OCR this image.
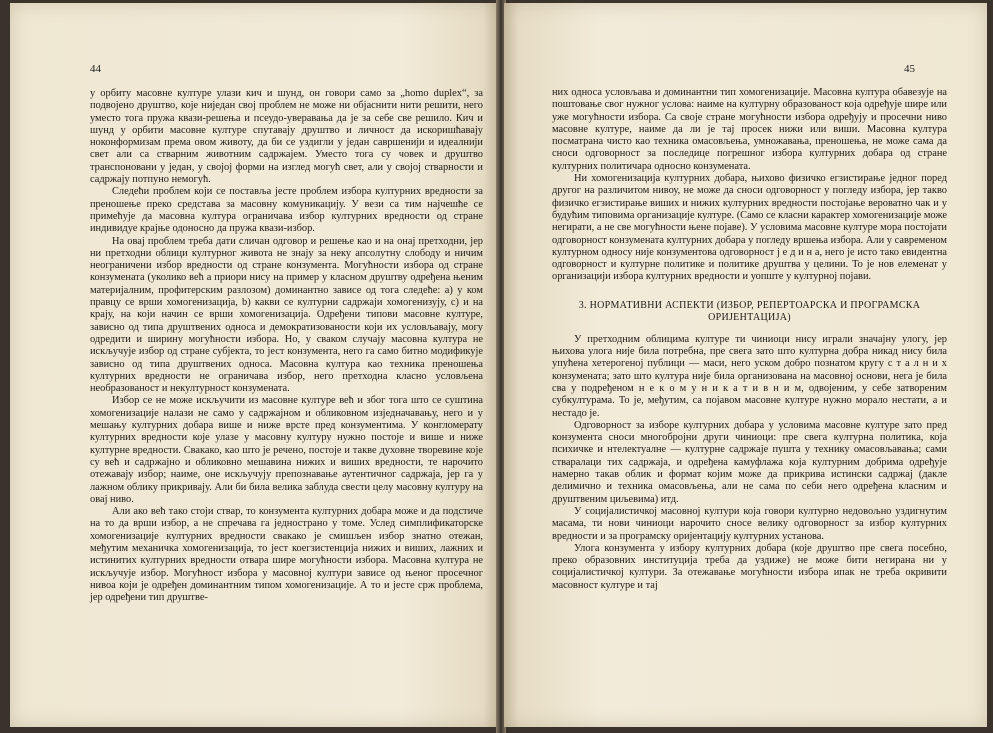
44

у орбиту масовне културе улази кич и шунд, он говори само за „homo duplex“, за подвојено друштво, које ниједан свој проблем не може ни објаснити нити решити, него уместо тога пружа квази-решења и псеудо-уверавања да је за себе све решило. Кич и шунд у орбити масовне културе спутавају друштво и личност да искоришћавају ноконформизам према овом животу, да би се уздигли у један савршенији и идеалнији свет али са стварним животним садржајем. Уместо тога су човек и друштво транспоновани у један, у својој форми на изглед могућ свет, али у својој стварности и садржају потпуно немогућ.

Следећи проблем који се поставља јесте проблем избора културних вредности за преношење преко средстава за масовну комуникацију. У вези са тим најчешће се примећује да масовна култура ограничава избор културних вредности од стране индивидуе крајње одоносно да пружа квази-избор.

На овај проблем треба дати сличан одговор и решење као и на онај претходни, јер ни претходни облици културног живота не знају за неку апсолутну слободу и ничим неограничени избор вредности од стране конзумента. Могућности избора од стране конзумената (уколико већ а приори нису на пример у класном друштву одређена њеним материјалним, профитерским разлозом) доминантно зависе од тога следеће: а) у ком правцу се врши хомогенизација, b) какви се културни садржаји хомогенизују, c) и на крају, на који начин се врши хомогенизација. Одређени типови масовне културе, зависно од типа друштвених односа и демократизованости који их условљавају, могу одредити и ширину могућности избора. Но, у сваком случају масовна култура не искључује избор од стране субјекта, то јест конзумента, него га само битно модификује зависно од типа друштвених односа. Масовна култура као техника преношења културних вредности не ограничава избор, него претходна класно условљена необразованост и некултурност конзумената.

Избор се не може искључити из масовне културе већ и због тога што се суштина хомогенизације налази не само у садржајном и обликовном изједначавању, него и у мешању културних добара више и ниже врсте пред конзументима. У конгломерату културних вредности које улазе у масовну културу нужно постоје и више и ниже културне вредности. Свакако, као што је речено, постоје и такве духовне творевине које су већ и садржајно и обликовно мешавина нижих и виших вредности, те нарочито отежавају избор; наиме, оне искључују препознавање аутентичног садржаја, јер га у лажном облику прикривају. Али би била велика заблуда свести целу масовну културу на овај ниво.

Али ако већ тако стоји ствар, то конзумента културних добара може и да подстиче на то да врши избор, а не спречава га једнострано у томе. Услед симплификаторске хомогенизације културних вредности свакако је смишљен избор знатно отежан, међутим механичка хомогенизација, то јест коегзистенција нижих и виших, лажних и истинитих културних вредности отвара шире могућности избора. Масовна култура не искључује избор. Могућност избора у масовној култури зависе од њеног просечног нивоа који је одређен доминантним типом хомогенизације. А то и јесте срж проблема, јер одређени тип друштве-

45

них односа условљава и доминантни тип хомогенизације. Масовна култура обавезује на поштовање свог нужног услова: наиме на културну образованост која одређује шире или уже могућности избора. Са своје стране могућности избора одређују и просечни ниво масовне културе, наиме да ли је тај просек нижи или виши. Масовна култура посматрана чисто као техника омасовљења, умножавања, преношења, не може сама да сноси одговорност за последице погрешног избора културних добара од стране културних политичара односно конзумената.

Ни хомогенизација културних добара, њихово физичко егзистирање једног поред другог на различитом нивоу, не може да сноси одговорност у погледу избора, јер такво физичко егзистирање виших и нижих културних вредности постојање вероватно чак и у будућим типовима организације културе. (Само се класни карактер хомогенизације може негирати, а не све могућности њене појаве). У условима масовне културе мора постојати одговорност конзумената културних добара у погледу вршења избора. Али у савременом културном односу није конзументова одговорност ј е д и н а, него је исто тако евидентна одговорност и културне политике и политике друштва у целини. То је нов елеменат у организацији избора културних вредности и уопште у културној појави.

3. НОРМАТИВНИ АСПЕКТИ (ИЗБОР, РЕПЕРТОАРСКА И ПРОГРАМСКА ОРИЈЕНТАЦИЈА)

У претходним облицима културе ти чиниоци нису играли значајну улогу, јер њихова улога није била потребна, пре свега зато што културна добра никад нису била упућена хетерогеној публици — маси, него уском добро познатом кругу с т а л н и х конзумената; зато што култура није била организована на масовној основи, нега је била сва у подређеном н е к о м у н и к а т и в н и м, одвојеним, у себе затвореним субкултурама. То је, међутим, са појавом масовне културе нужно морало нестати, а и нестадо је.

Одговорност за изборе културних добара у условима масовне културе зато пред конзумента сноси многобројни други чиниоци: пре свега културна политика, која психичке и нтелектуалне — културне садржаје пушта у технику омасовљавања; сами стваралаци тих садржаја, и одређена камуфлажа која културним добрима одређује намерно такав облик и формат којим може да прикрива истински садржај (дакле делимично и техника омасовљења, али не сама по себи него одређена класним и друштвеним циљевима) итд.

У социјалистичкој масовној култури која говори културно недовољно уздигнутим масама, ти нови чиниоци нарочито сносе велику одговорност за избор културних вредности и за програмску оријентацију културних установа.

Улога конзумента у избору културних добара (које друштво пре свега посебно, преко образовних институција треба да уздиже) не може бити негирана ни у социјалистичкој култури. За отежавање могућности избора ипак не треба окривити масовност културе и тај
